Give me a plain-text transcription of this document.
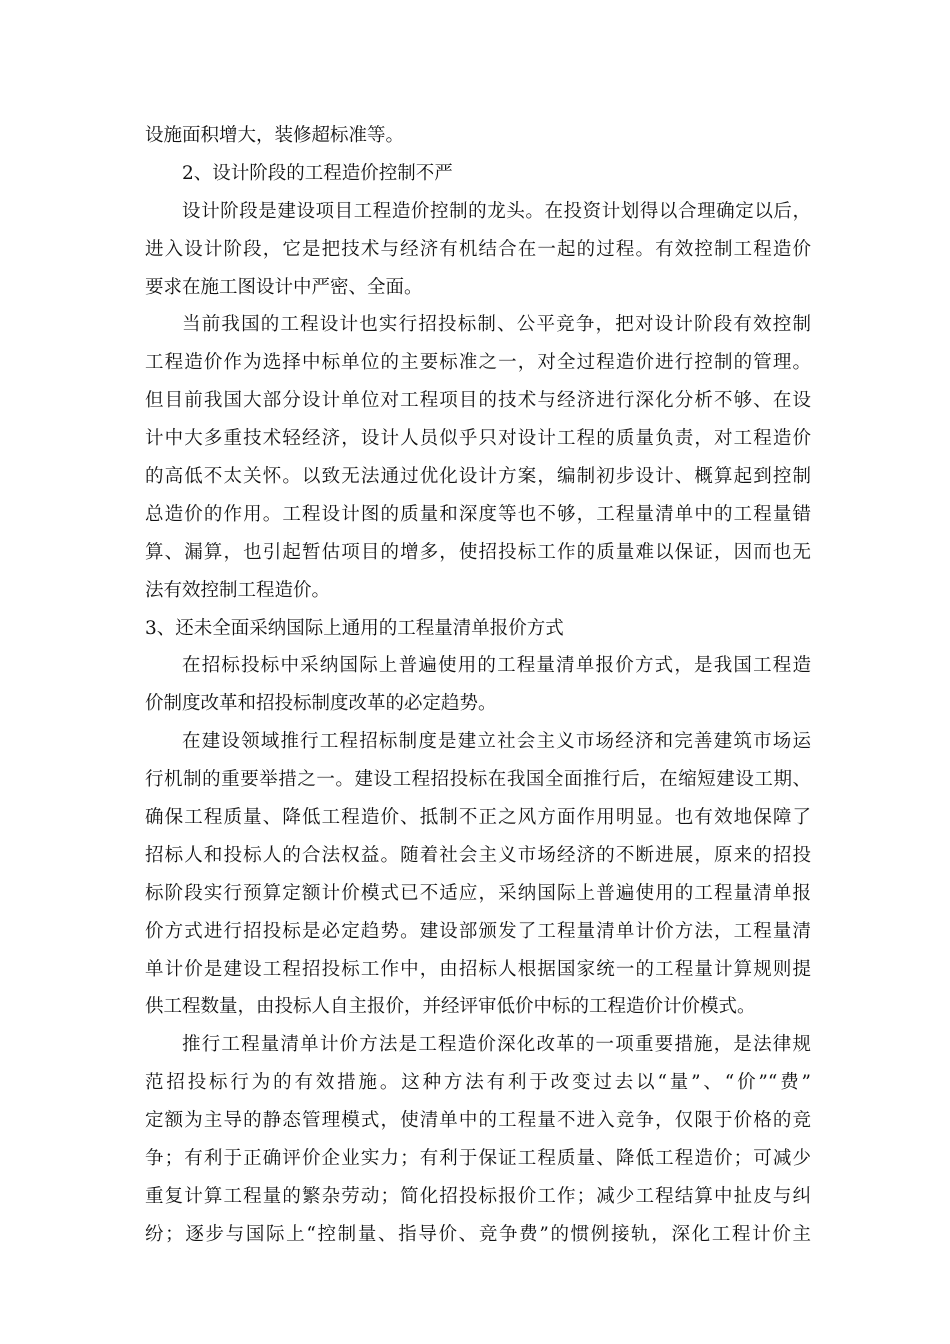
设施面积增大，装修超标准等。
2、设计阶段的工程造价控制不严
设计阶段是建设项目工程造价控制的龙头。在投资计划得以合理确定以后，
进入设计阶段，它是把技术与经济有机结合在一起的过程。有效控制工程造价
要求在施工图设计中严密、全面。
当前我国的工程设计也实行招投标制、公平竞争，把对设计阶段有效控制
工程造价作为选择中标单位的主要标准之一，对全过程造价进行控制的管理。
但目前我国大部分设计单位对工程项目的技术与经济进行深化分析不够、在设
计中大多重技术轻经济，设计人员似乎只对设计工程的质量负责，对工程造价
的高低不太关怀。以致无法通过优化设计方案，编制初步设计、概算起到控制
总造价的作用。工程设计图的质量和深度等也不够，工程量清单中的工程量错
算、漏算，也引起暂估项目的增多，使招投标工作的质量难以保证，因而也无
法有效控制工程造价。
3、还未全面采纳国际上通用的工程量清单报价方式
在招标投标中采纳国际上普遍使用的工程量清单报价方式，是我国工程造
价制度改革和招投标制度改革的必定趋势。
在建设领域推行工程招标制度是建立社会主义市场经济和完善建筑市场运
行机制的重要举措之一。建设工程招投标在我国全面推行后，在缩短建设工期、
确保工程质量、降低工程造价、抵制不正之风方面作用明显。也有效地保障了
招标人和投标人的合法权益。随着社会主义市场经济的不断进展，原来的招投
标阶段实行预算定额计价模式已不适应，采纳国际上普遍使用的工程量清单报
价方式进行招投标是必定趋势。建设部颁发了工程量清单计价方法，工程量清
单计价是建设工程招投标工作中，由招标人根据国家统一的工程量计算规则提
供工程数量，由投标人自主报价，并经评审低价中标的工程造价计价模式。
推行工程量清单计价方法是工程造价深化改革的一项重要措施，是法律规
范招投标行为的有效措施。这种方法有利于改变过去以“量”、“价”“费”
定额为主导的静态管理模式，使清单中的工程量不进入竞争，仅限于价格的竞
争；有利于正确评价企业实力；有利于保证工程质量、降低工程造价；可减少
重复计算工程量的繁杂劳动；简化招投标报价工作；减少工程结算中扯皮与纠
纷；逐步与国际上“控制量、指导价、竞争费”的惯例接轨，深化工程计价主
